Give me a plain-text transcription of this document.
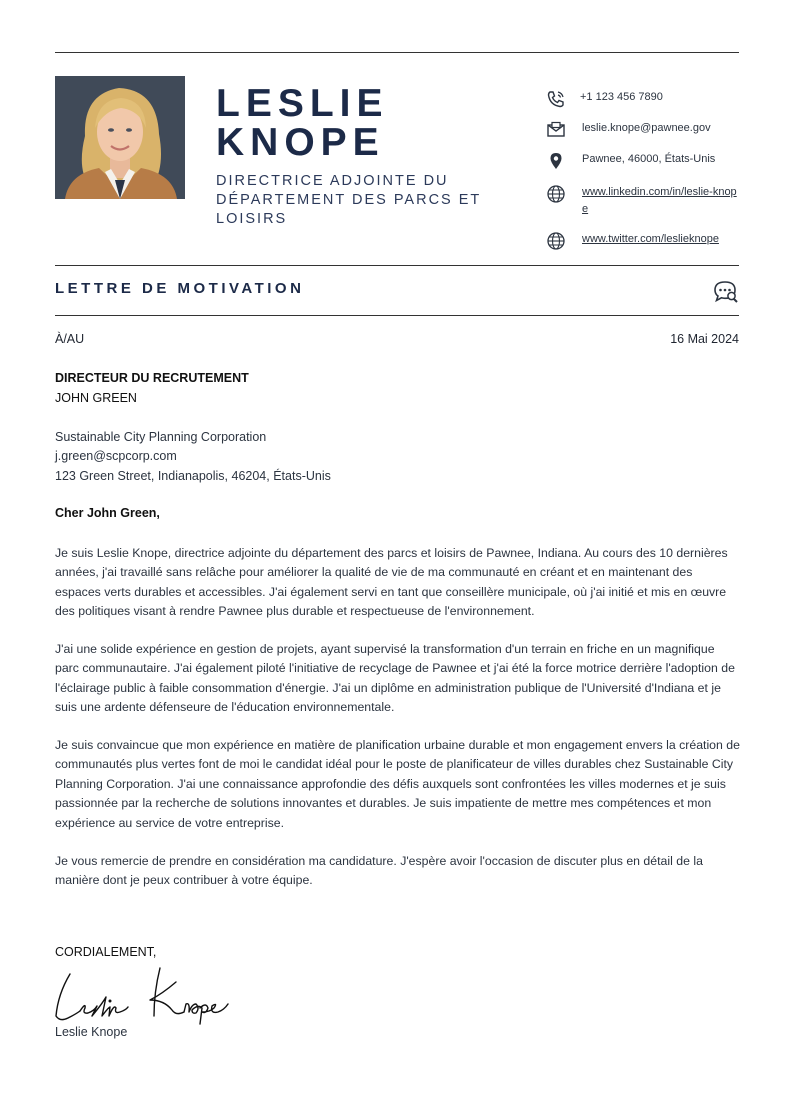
LESLIE
KNOPE
DIRECTRICE ADJOINTE DU DÉPARTEMENT DES PARCS ET LOISIRS
+1 123 456 7890
leslie.knope@pawnee.gov
Pawnee, 46000, États-Unis
www.linkedin.com/in/leslie-knope
www.twitter.com/leslieknope
LETTRE DE MOTIVATION
À/AU	16 Mai 2024
DIRECTEUR DU RECRUTEMENT
JOHN GREEN
Sustainable City Planning Corporation
j.green@scpcorp.com
123 Green Street, Indianapolis, 46204, États-Unis
Cher John Green,
Je suis Leslie Knope, directrice adjointe du département des parcs et loisirs de Pawnee, Indiana. Au cours des 10 dernières années, j'ai travaillé sans relâche pour améliorer la qualité de vie de ma communauté en créant et en maintenant des espaces verts durables et accessibles. J'ai également servi en tant que conseillère municipale, où j'ai initié et mis en œuvre des politiques visant à rendre Pawnee plus durable et respectueuse de l'environnement.
J'ai une solide expérience en gestion de projets, ayant supervisé la transformation d'un terrain en friche en un magnifique parc communautaire. J'ai également piloté l'initiative de recyclage de Pawnee et j'ai été la force motrice derrière l'adoption de l'éclairage public à faible consommation d'énergie. J'ai un diplôme en administration publique de l'Université d'Indiana et je suis une ardente défenseure de l'éducation environnementale.
Je suis convaincue que mon expérience en matière de planification urbaine durable et mon engagement envers la création de communautés plus vertes font de moi le candidat idéal pour le poste de planificateur de villes durables chez Sustainable City Planning Corporation. J'ai une connaissance approfondie des défis auxquels sont confrontées les villes modernes et je suis passionnée par la recherche de solutions innovantes et durables. Je suis impatiente de mettre mes compétences et mon expérience au service de votre entreprise.
Je vous remercie de prendre en considération ma candidature. J'espère avoir l'occasion de discuter plus en détail de la manière dont je peux contribuer à votre équipe.
CORDIALEMENT,
Leslie Knope
